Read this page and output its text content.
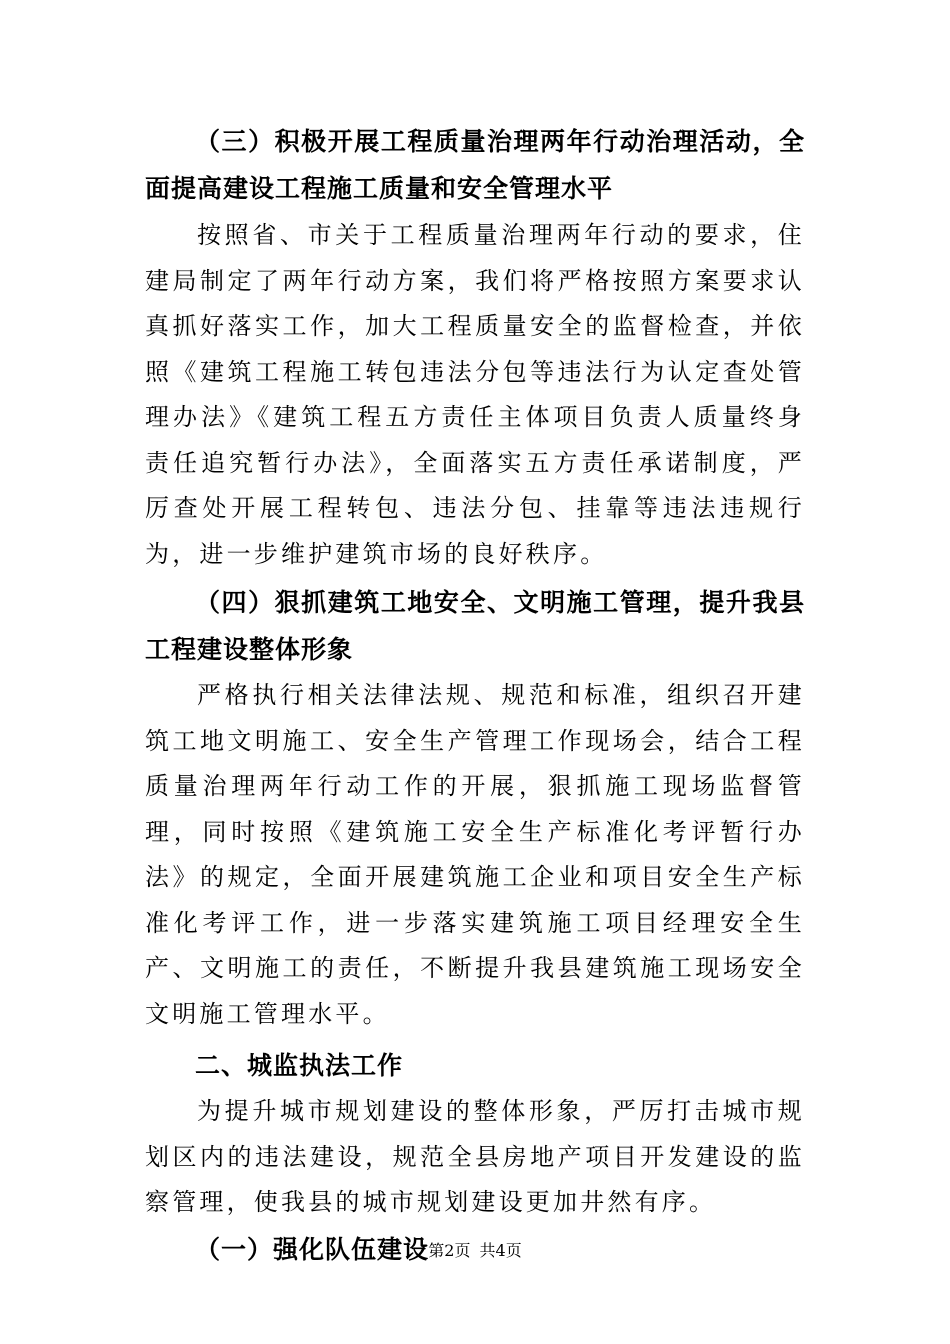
（三）积极开展工程质量治理两年行动治理活动，全面提高建设工程施工质量和安全管理水平

按照省、市关于工程质量治理两年行动的要求，住建局制定了两年行动方案，我们将严格按照方案要求认真抓好落实工作，加大工程质量安全的监督检查，并依照《建筑工程施工转包违法分包等违法行为认定查处管理办法》《建筑工程五方责任主体项目负责人质量终身责任追究暂行办法》，全面落实五方责任承诺制度，严厉查处开展工程转包、违法分包、挂靠等违法违规行为，进一步维护建筑市场的良好秩序。

（四）狠抓建筑工地安全、文明施工管理，提升我县工程建设整体形象

严格执行相关法律法规、规范和标准，组织召开建筑工地文明施工、安全生产管理工作现场会，结合工程质量治理两年行动工作的开展，狠抓施工现场监督管理，同时按照《建筑施工安全生产标准化考评暂行办法》的规定，全面开展建筑施工企业和项目安全生产标准化考评工作，进一步落实建筑施工项目经理安全生产、文明施工的责任，不断提升我县建筑施工现场安全文明施工管理水平。

二、城监执法工作

为提升城市规划建设的整体形象，严厉打击城市规划区内的违法建设，规范全县房地产项目开发建设的监察管理，使我县的城市规划建设更加井然有序。

（一）强化队伍建设 第2页 共4页
